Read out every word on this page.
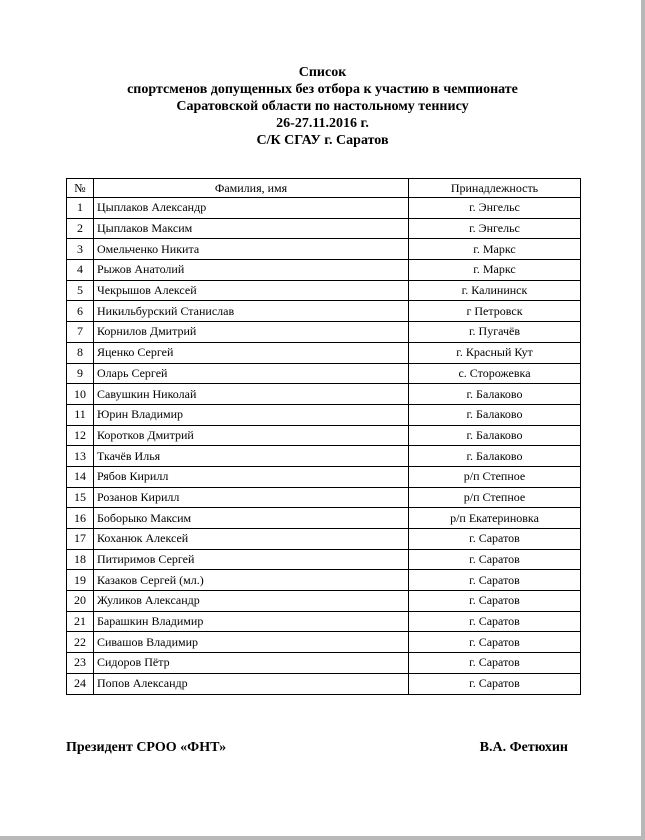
Список
спортсменов допущенных без отбора к участию в чемпионате
Саратовской области по настольному теннису
26-27.11.2016 г.
С/К СГАУ г. Саратов
№	Фамилия, имя	Принадлежность
1	Цыплаков Александр	г. Энгельс
2	Цыплаков Максим	г. Энгельс
3	Омельченко Никита	г. Маркс
4	Рыжов Анатолий	г. Маркс
5	Чекрышов Алексей	г. Калининск
6	Никильбурский Станислав	г Петровск
7	Корнилов Дмитрий	г. Пугачёв
8	Яценко Сергей	г. Красный Кут
9	Оларь Сергей	с. Сторожевка
10	Савушкин Николай	г. Балаково
11	Юрин Владимир	г. Балаково
12	Коротков Дмитрий	г. Балаково
13	Ткачёв Илья	г. Балаково
14	Рябов Кирилл	р/п Степное
15	Розанов Кирилл	р/п Степное
16	Боборыко Максим	р/п Екатериновка
17	Коханюк Алексей	г. Саратов
18	Питиримов Сергей	г. Саратов
19	Казаков Сергей (мл.)	г. Саратов
20	Жуликов Александр	г. Саратов
21	Барашкин Владимир	г. Саратов
22	Сивашов Владимир	г. Саратов
23	Сидоров Пётр	г. Саратов
24	Попов Александр	г. Саратов
Президент СРОО «ФНТ»	В.А. Фетюхин
